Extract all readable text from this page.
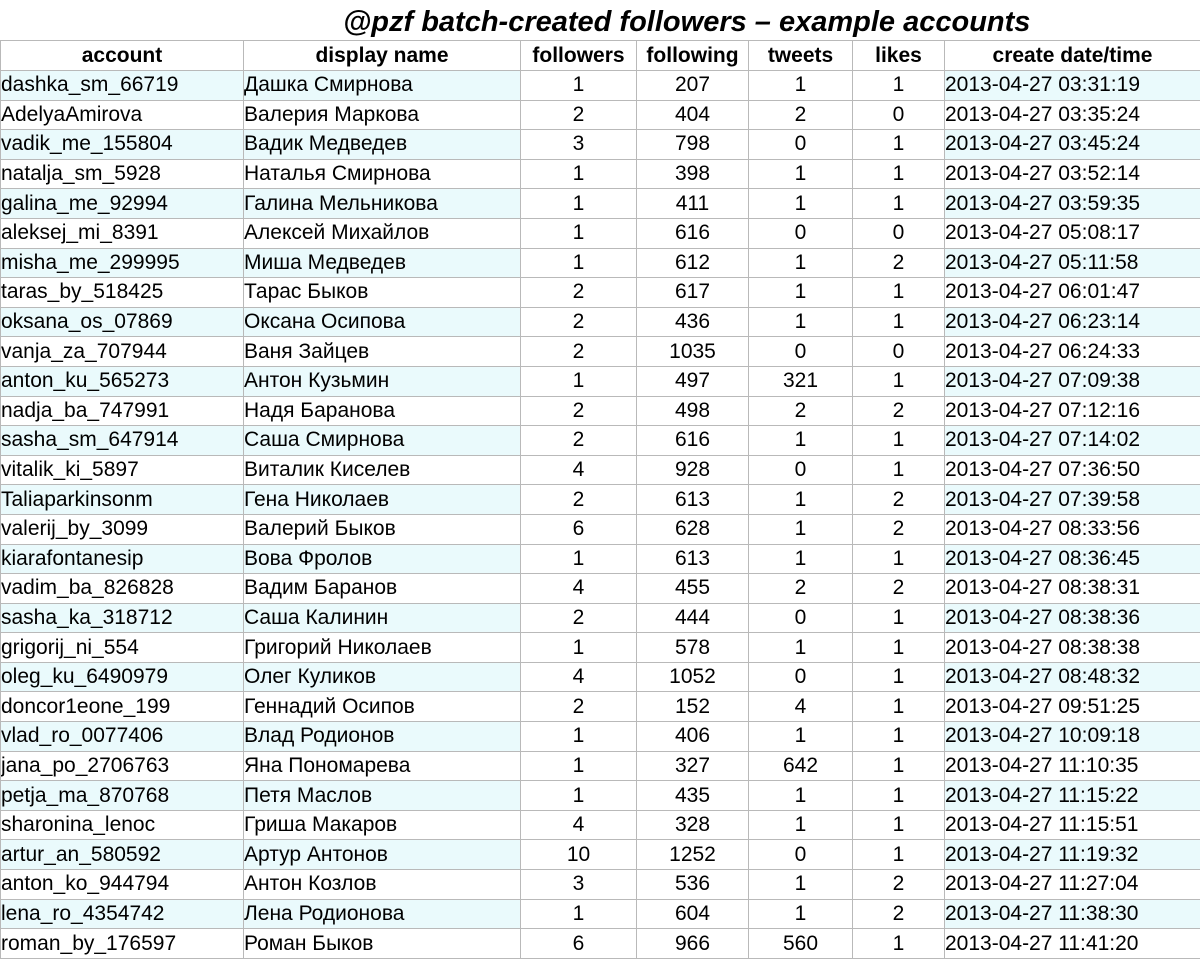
@pzf batch-created followers – example accounts
account	display name	followers	following	tweets	likes	create date/time
dashka_sm_66719	Дашка Смирнова	1	207	1	1	2013-04-27 03:31:19
AdelyaAmirova	Валерия Маркова	2	404	2	0	2013-04-27 03:35:24
vadik_me_155804	Вадик Медведев	3	798	0	1	2013-04-27 03:45:24
natalja_sm_5928	Наталья Смирнова	1	398	1	1	2013-04-27 03:52:14
galina_me_92994	Галина Мельникова	1	411	1	1	2013-04-27 03:59:35
aleksej_mi_8391	Алексей Михайлов	1	616	0	0	2013-04-27 05:08:17
misha_me_299995	Миша Медведев	1	612	1	2	2013-04-27 05:11:58
taras_by_518425	Тарас Быков	2	617	1	1	2013-04-27 06:01:47
oksana_os_07869	Оксана Осипова	2	436	1	1	2013-04-27 06:23:14
vanja_za_707944	Ваня Зайцев	2	1035	0	0	2013-04-27 06:24:33
anton_ku_565273	Антон Кузьмин	1	497	321	1	2013-04-27 07:09:38
nadja_ba_747991	Надя Баранова	2	498	2	2	2013-04-27 07:12:16
sasha_sm_647914	Саша Смирнова	2	616	1	1	2013-04-27 07:14:02
vitalik_ki_5897	Виталик Киселев	4	928	0	1	2013-04-27 07:36:50
Taliaparkinsonm	Гена Николаев	2	613	1	2	2013-04-27 07:39:58
valerij_by_3099	Валерий Быков	6	628	1	2	2013-04-27 08:33:56
kiarafontanesip	Вова Фролов	1	613	1	1	2013-04-27 08:36:45
vadim_ba_826828	Вадим Баранов	4	455	2	2	2013-04-27 08:38:31
sasha_ka_318712	Саша Калинин	2	444	0	1	2013-04-27 08:38:36
grigorij_ni_554	Григорий Николаев	1	578	1	1	2013-04-27 08:38:38
oleg_ku_6490979	Олег Куликов	4	1052	0	1	2013-04-27 08:48:32
doncor1eone_199	Геннадий Осипов	2	152	4	1	2013-04-27 09:51:25
vlad_ro_0077406	Влад Родионов	1	406	1	1	2013-04-27 10:09:18
jana_po_2706763	Яна Пономарева	1	327	642	1	2013-04-27 11:10:35
petja_ma_870768	Петя Маслов	1	435	1	1	2013-04-27 11:15:22
sharonina_lenoc	Гриша Макаров	4	328	1	1	2013-04-27 11:15:51
artur_an_580592	Артур Антонов	10	1252	0	1	2013-04-27 11:19:32
anton_ko_944794	Антон Козлов	3	536	1	2	2013-04-27 11:27:04
lena_ro_4354742	Лена Родионова	1	604	1	2	2013-04-27 11:38:30
roman_by_176597	Роман Быков	6	966	560	1	2013-04-27 11:41:20
